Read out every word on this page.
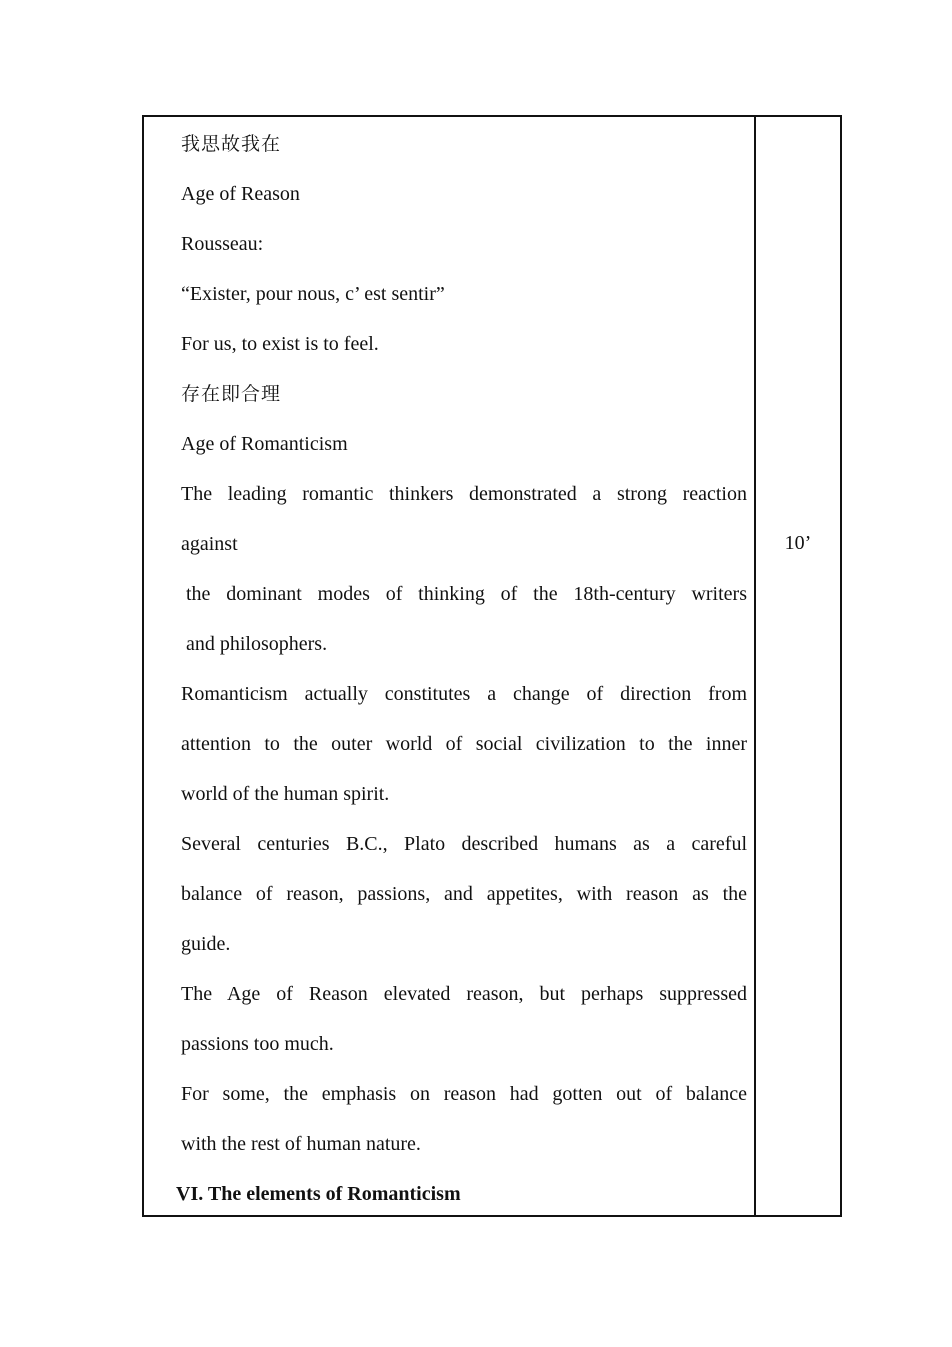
我思故我在
Age of Reason
Rousseau:
“Exister, pour nous, c’ est sentir”
For us, to exist is to feel.
存在即合理
Age of Romanticism
The leading romantic thinkers demonstrated a strong reaction
against
the dominant modes of thinking of the 18th-century writers
and philosophers.
Romanticism actually constitutes a change of direction from
attention to the outer world of social civilization to the inner
world of the human spirit.
Several centuries B.C., Plato described humans as a careful
balance of reason, passions, and appetites, with reason as the
guide.
The Age of Reason elevated reason, but perhaps suppressed
passions too much.
For some, the emphasis on reason had gotten out of balance
with the rest of human nature.
VI. The elements of Romanticism
10’
